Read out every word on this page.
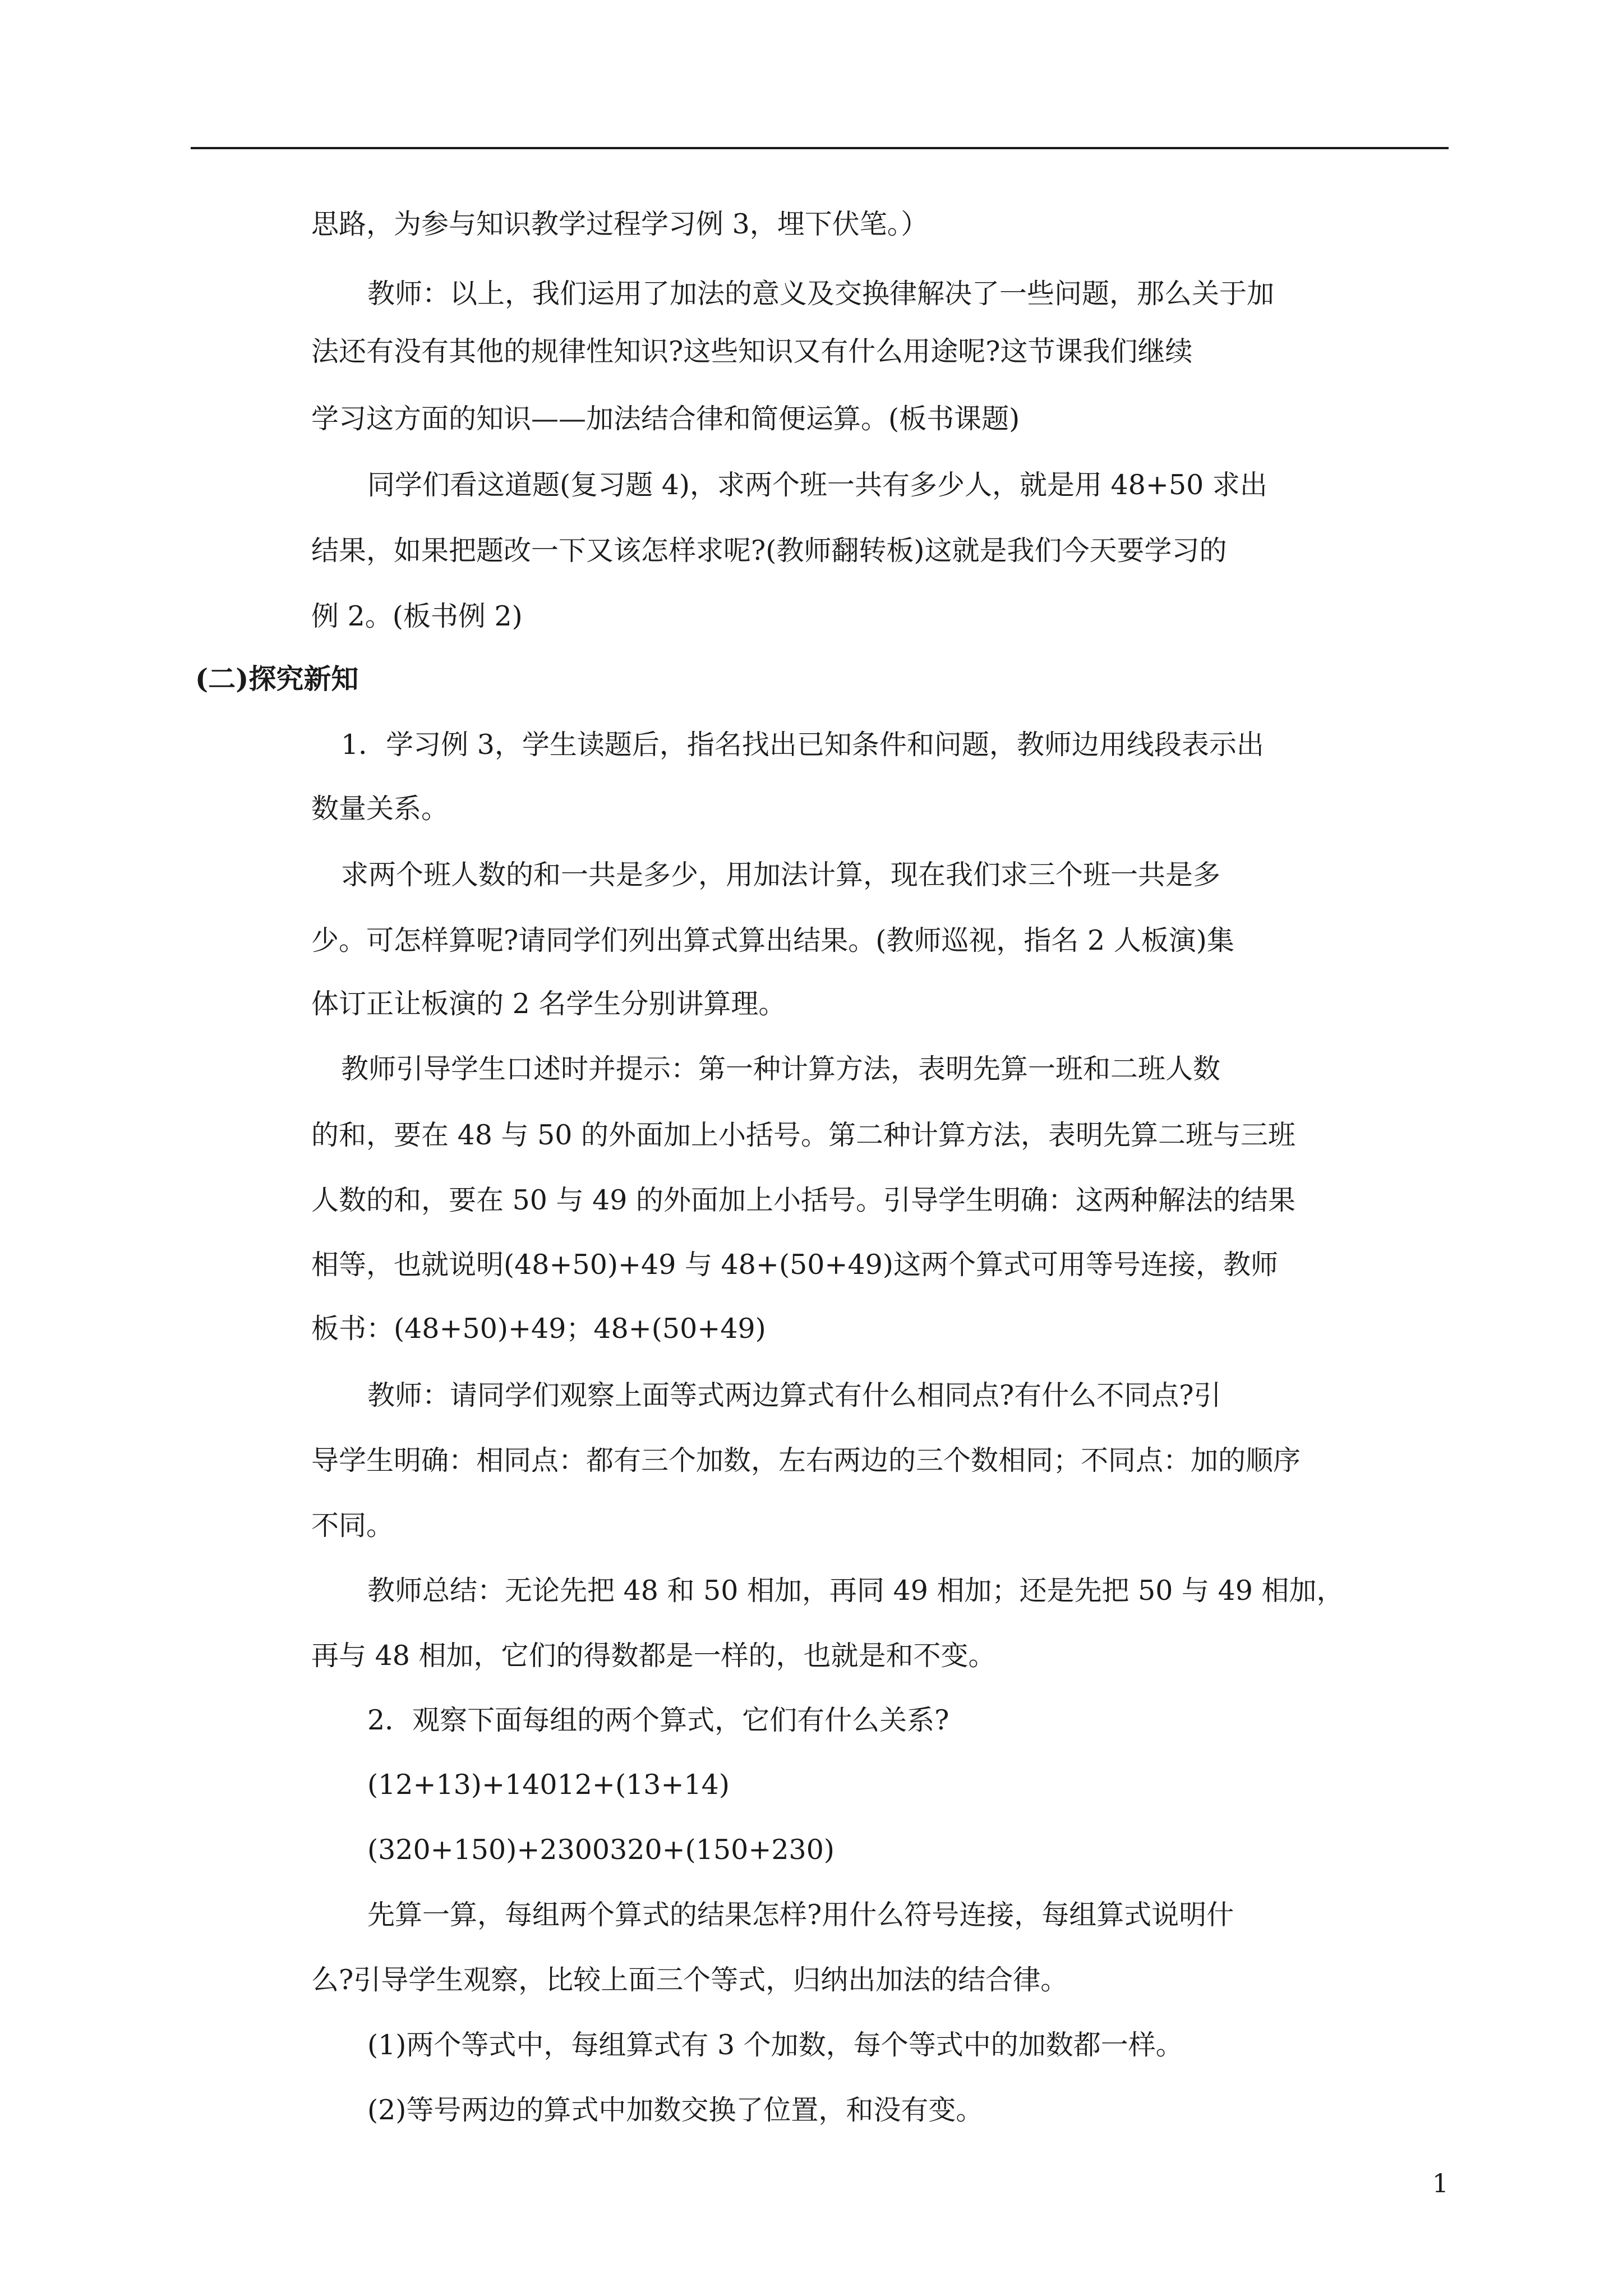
思路，为参与知识教学过程学习例 3，埋下伏笔。）
教师：以上，我们运用了加法的意义及交换律解决了一些问题，那么关于加
法还有没有其他的规律性知识?这些知识又有什么用途呢?这节课我们继续
学习这方面的知识——加法结合律和简便运算。(板书课题)
同学们看这道题(复习题 4)，求两个班一共有多少人，就是用 48+50 求出
结果，如果把题改一下又该怎样求呢?(教师翻转板)这就是我们今天要学习的
例 2。(板书例 2)
(二)探究新知
1．学习例 3，学生读题后，指名找出已知条件和问题，教师边用线段表示出
数量关系。
求两个班人数的和一共是多少，用加法计算，现在我们求三个班一共是多
少。可怎样算呢?请同学们列出算式算出结果。(教师巡视，指名 2 人板演)集
体订正让板演的 2 名学生分别讲算理。
教师引导学生口述时并提示：第一种计算方法，表明先算一班和二班人数
的和，要在 48 与 50 的外面加上小括号。第二种计算方法，表明先算二班与三班
人数的和，要在 50 与 49 的外面加上小括号。引导学生明确：这两种解法的结果
相等，也就说明(48+50)+49 与 48+(50+49)这两个算式可用等号连接，教师
板书：(48+50)+49；48+(50+49)
教师：请同学们观察上面等式两边算式有什么相同点?有什么不同点?引
导学生明确：相同点：都有三个加数，左右两边的三个数相同；不同点：加的顺序
不同。
教师总结：无论先把 48 和 50 相加，再同 49 相加；还是先把 50 与 49 相加，
再与 48 相加，它们的得数都是一样的，也就是和不变。
2．观察下面每组的两个算式，它们有什么关系?
(12+13)+14012+(13+14)
(320+150)+2300320+(150+230)
先算一算，每组两个算式的结果怎样?用什么符号连接，每组算式说明什
么?引导学生观察，比较上面三个等式，归纳出加法的结合律。
(1)两个等式中，每组算式有 3 个加数，每个等式中的加数都一样。
(2)等号两边的算式中加数交换了位置，和没有变。
1
